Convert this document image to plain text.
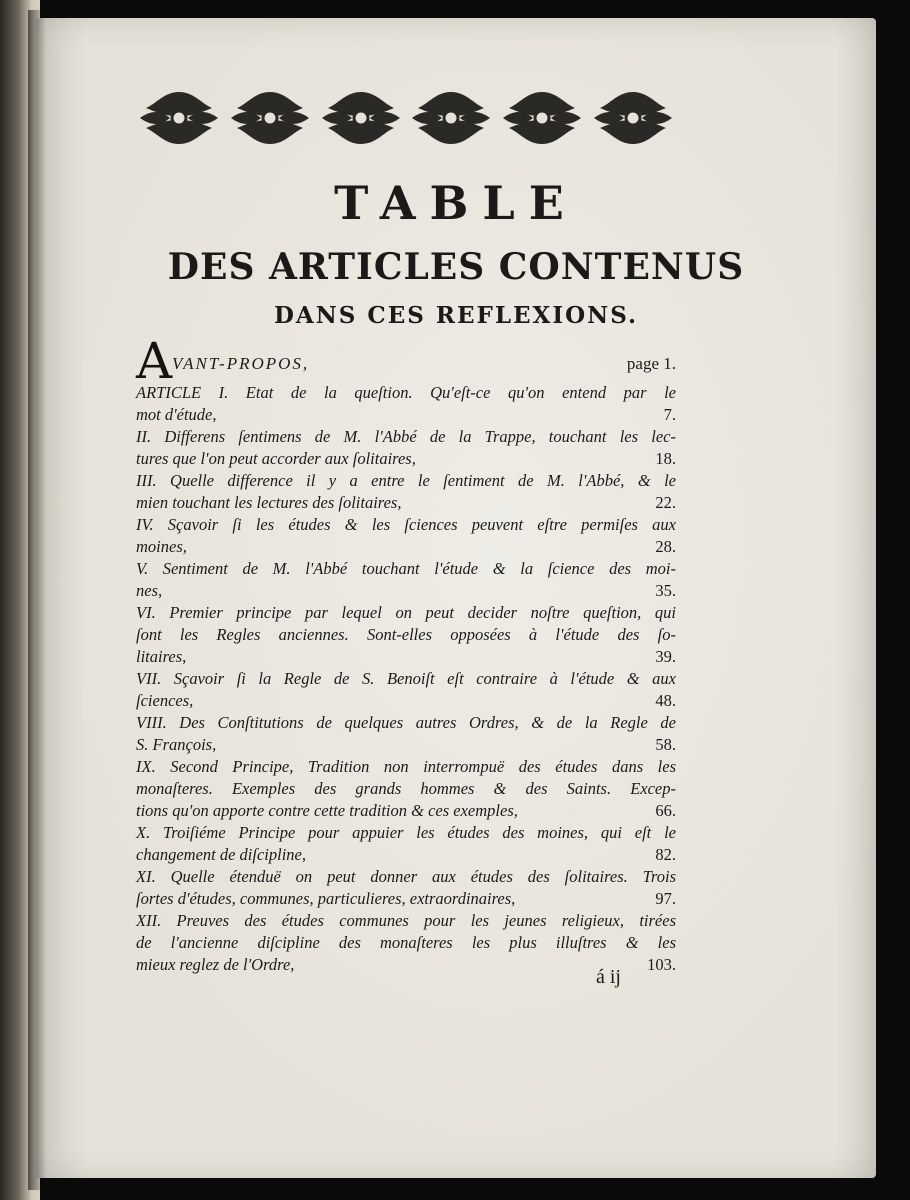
TABLE
DES ARTICLES CONTENUS
DANS CES REFLEXIONS.
A VANT-PROPOS,	page 1.
ARTICLE I. Etat de la queſtion. Qu'eſt-ce qu'on entend par le
mot d'étude,	7.
II. Differens ſentimens de M. l'Abbé de la Trappe, touchant les lec-
tures que l'on peut accorder aux ſolitaires,	18.
III. Quelle difference il y a entre le ſentiment de M. l'Abbé, & le
mien touchant les lectures des ſolitaires,	22.
IV. Sçavoir ſi les études & les ſciences peuvent eſtre permiſes aux
moines,	28.
V. Sentiment de M. l'Abbé touchant l'étude & la ſcience des moi-
nes,	35.
VI. Premier principe par lequel on peut decider noſtre queſtion, qui
ſont les Regles anciennes. Sont-elles opposées à l'étude des ſo-
litaires,	39.
VII. Sçavoir ſi la Regle de S. Benoiſt eſt contraire à l'étude & aux
ſciences,	48.
VIII. Des Conſtitutions de quelques autres Ordres, & de la Regle de
S. François,	58.
IX. Second Principe, Tradition non interrompuë des études dans les
monaſteres. Exemples des grands hommes & des Saints. Excep-
tions qu'on apporte contre cette tradition & ces exemples,	66.
X. Troiſiéme Principe pour appuier les études des moines, qui eſt le
changement de diſcipline,	82.
XI. Quelle étenduë on peut donner aux études des ſolitaires. Trois
ſortes d'études, communes, particulieres, extraordinaires,	97.
XII. Preuves des études communes pour les jeunes religieux, tirées
de l'ancienne diſcipline des monaſteres les plus illuſtres & les
mieux reglez de l'Ordre,	103.
á ij
